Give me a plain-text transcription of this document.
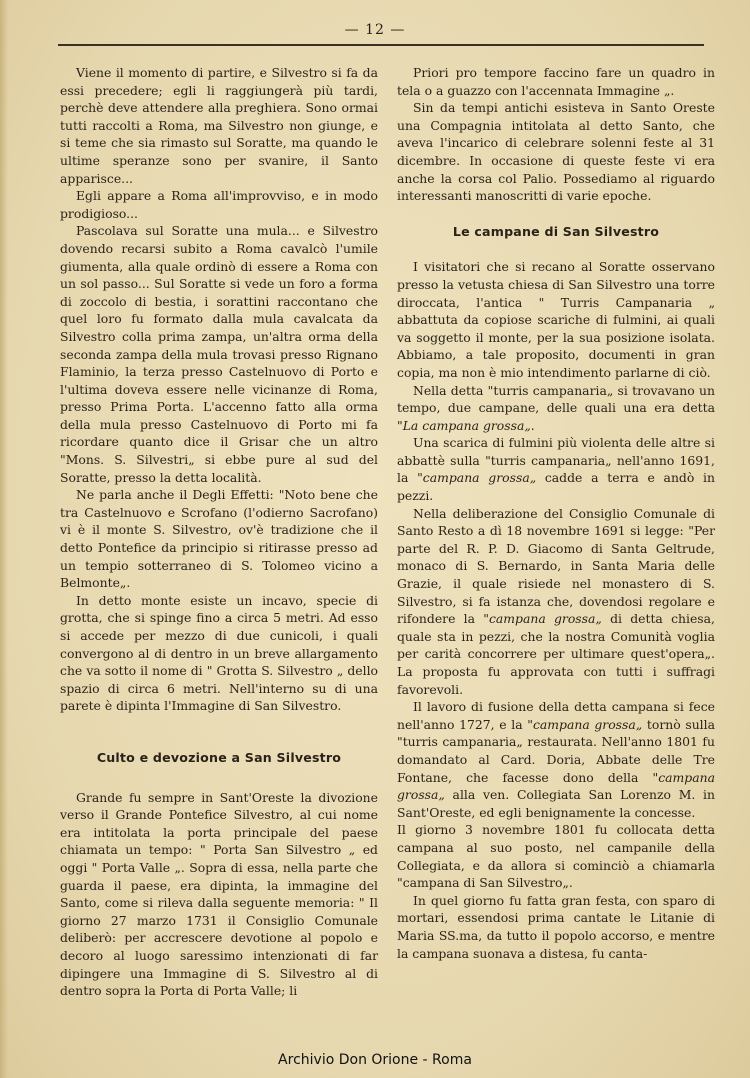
— 12 —

Viene il momento di partire, e Silvestro si fa da essi precedere; egli li raggiungerà più tardi, perchè deve attendere alla preghiera. Sono ormai tutti raccolti a Roma, ma Silvestro non giunge, e si teme che sia rimasto sul Soratte, ma quando le ultime speranze sono per svanire, il Santo apparisce...

Egli appare a Roma all'improvviso, e in modo prodigioso...

Pascolava sul Soratte una mula... e Silvestro dovendo recarsi subito a Roma cavalcò l'umile giumenta, alla quale ordinò di essere a Roma con un sol passo... Sul Soratte si vede un foro a forma di zoccolo di bestia, i sorattini raccontano che quel loro fu formato dalla mula cavalcata da Silvestro colla prima zampa, un'altra orma della seconda zampa della mula trovasi presso Rignano Flaminio, la terza presso Castelnuovo di Porto e l'ultima doveva essere nelle vicinanze di Roma, presso Prima Porta. L'accenno fatto alla orma della mula presso Castelnuovo di Porto mi fa ricordare quanto dice il Grisar che un altro "Mons. S. Silvestri„ si ebbe pure al sud del Soratte, presso la detta località.

Ne parla anche il Degli Effetti: "Noto bene che tra Castelnuovo e Scrofano (l'odierno Sacrofano) vi è il monte S. Silvestro, ov'è tradizione che il detto Pontefice da principio si ritirasse presso ad un tempio sotterraneo di S. Tolomeo vicino a Belmonte„.

In detto monte esiste un incavo, specie di grotta, che si spinge fino a circa 5 metri. Ad esso si accede per mezzo di due cunicoli, i quali convergono al di dentro in un breve allargamento che va sotto il nome di " Grotta S. Silvestro „ dello spazio di circa 6 metri. Nell'interno su di una parete è dipinta l'Immagine di San Silvestro.

Culto e devozione a San Silvestro

Grande fu sempre in Sant'Oreste la divozione verso il Grande Pontefice Silvestro, al cui nome era intitolata la porta principale del paese chiamata un tempo: " Porta San Silvestro „ ed oggi " Porta Valle „. Sopra di essa, nella parte che guarda il paese, era dipinta, la immagine del Santo, come si rileva dalla seguente memoria: " Il giorno 27 marzo 1731 il Consiglio Comunale deliberò: per accrescere devotione al popolo e decoro al luogo saressimo intenzionati di far dipingere una Immagine di S. Silvestro al di dentro sopra la Porta di Porta Valle; li

Priori pro tempore faccino fare un quadro in tela o a guazzo con l'accennata Immagine „.

Sin da tempi antichi esisteva in Santo Oreste una Compagnia intitolata al detto Santo, che aveva l'incarico di celebrare solenni feste al 31 dicembre. In occasione di queste feste vi era anche la corsa col Palio. Possediamo al riguardo interessanti manoscritti di varie epoche.

Le campane di San Silvestro

I visitatori che si recano al Soratte osservano presso la vetusta chiesa di San Silvestro una torre diroccata, l'antica " Turris Campanaria „ abbattuta da copiose scariche di fulmini, ai quali va soggetto il monte, per la sua posizione isolata. Abbiamo, a tale proposito, documenti in gran copia, ma non è mio intendimento parlarne di ciò.

Nella detta "turris campanaria„ si trovavano un tempo, due campane, delle quali una era detta "La campana grossa„.

Una scarica di fulmini più violenta delle altre si abbattè sulla "turris campanaria„ nell'anno 1691, la "campana grossa„ cadde a terra e andò in pezzi.

Nella deliberazione del Consiglio Comunale di Santo Resto a dì 18 novembre 1691 si legge: "Per parte del R. P. D. Giacomo di Santa Geltrude, monaco di S. Bernardo, in Santa Maria delle Grazie, il quale risiede nel monastero di S. Silvestro, si fa istanza che, dovendosi regolare e rifondere la "campana grossa„ di detta chiesa, quale sta in pezzi, che la nostra Comunità voglia per carità concorrere per ultimare quest'opera„. La proposta fu approvata con tutti i suffragi favorevoli.

Il lavoro di fusione della detta campana si fece nell'anno 1727, e la "campana grossa„ tornò sulla "turris campanaria„ restaurata. Nell'anno 1801 fu domandato al Card. Doria, Abbate delle Tre Fontane, che facesse dono della "campana grossa„ alla ven. Collegiata San Lorenzo M. in Sant'Oreste, ed egli benignamente la concesse.

Il giorno 3 novembre 1801 fu collocata detta campana al suo posto, nel campanile della Collegiata, e da allora si cominciò a chiamarla "campana di San Silvestro„.

In quel giorno fu fatta gran festa, con sparo di mortari, essendosi prima cantate le Litanie di Maria SS.ma, da tutto il popolo accorso, e mentre la campana suonava a distesa, fu canta-

Archivio Don Orione - Roma
